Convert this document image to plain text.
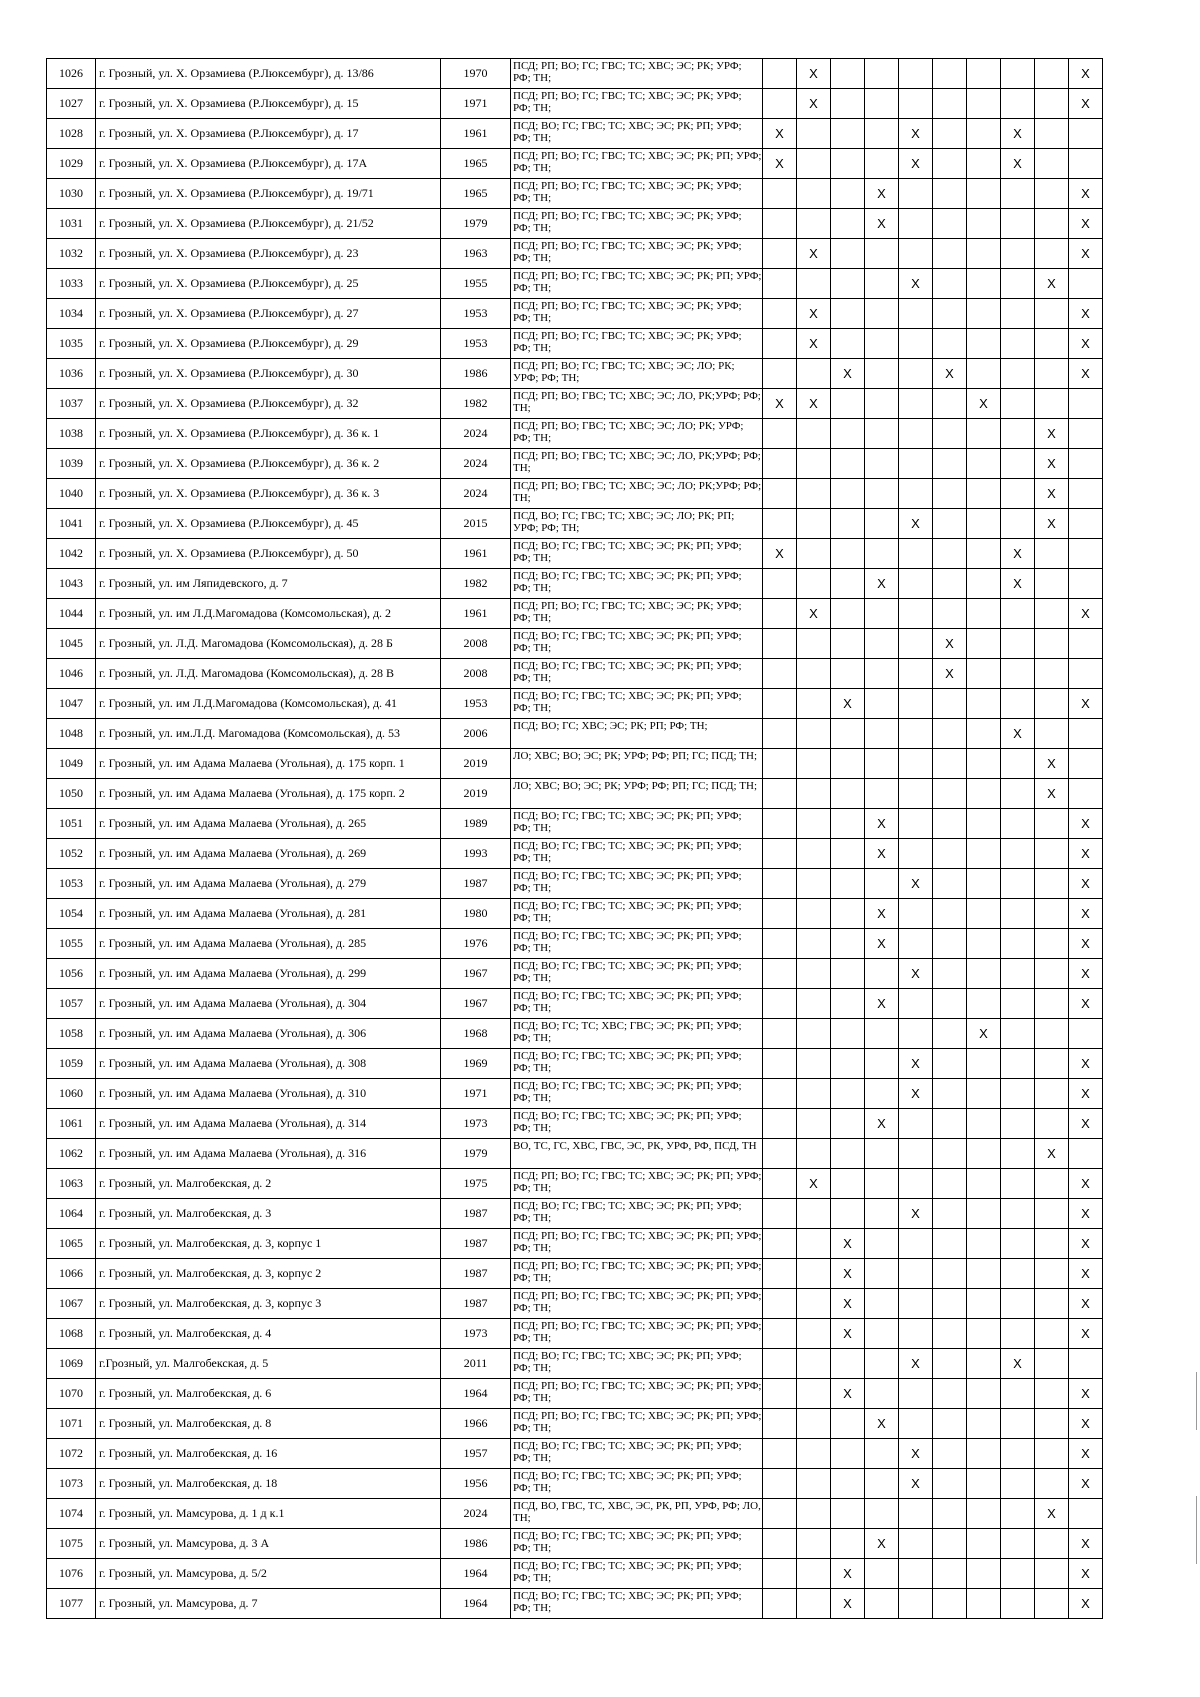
1026	г. Грозный, ул. Х. Орзамиева (Р.Люксембург), д. 13/86	1970	ПСД; РП; ВО; ГС; ГВС; ТС; ХВС; ЭС; РК; УРФ; РФ; ТН;		X								X
1027	г. Грозный, ул. Х. Орзамиева (Р.Люксембург), д. 15	1971	ПСД; РП; ВО; ГС; ГВС; ТС; ХВС; ЭС; РК; УРФ; РФ; ТН;		X								X
1028	г. Грозный, ул. Х. Орзамиева (Р.Люксембург), д. 17	1961	ПСД; ВО; ГС; ГВС; ТС; ХВС; ЭС; РК; РП; УРФ; РФ; ТН;	X				X			X		
1029	г. Грозный, ул. Х. Орзамиева (Р.Люксембург), д. 17А	1965	ПСД; РП; ВО; ГС; ГВС; ТС; ХВС; ЭС; РК; РП; УРФ; РФ; ТН;	X				X			X		
1030	г. Грозный, ул. Х. Орзамиева (Р.Люксембург), д. 19/71	1965	ПСД; РП; ВО; ГС; ГВС; ТС; ХВС; ЭС; РК; УРФ; РФ; ТН;				X						X
1031	г. Грозный, ул. Х. Орзамиева (Р.Люксембург), д. 21/52	1979	ПСД; РП; ВО; ГС; ГВС; ТС; ХВС; ЭС; РК; УРФ; РФ; ТН;				X						X
1032	г. Грозный, ул. Х. Орзамиева (Р.Люксембург), д. 23	1963	ПСД; РП; ВО; ГС; ГВС; ТС; ХВС; ЭС; РК; УРФ; РФ; ТН;		X								X
1033	г. Грозный, ул. Х. Орзамиева (Р.Люксембург), д. 25	1955	ПСД; РП; ВО; ГС; ГВС; ТС; ХВС; ЭС; РК; РП; УРФ; РФ; ТН;					X				X	
1034	г. Грозный, ул. Х. Орзамиева (Р.Люксембург), д. 27	1953	ПСД; РП; ВО; ГС; ГВС; ТС; ХВС; ЭС; РК; УРФ; РФ; ТН;		X								X
1035	г. Грозный, ул. Х. Орзамиева (Р.Люксембург), д. 29	1953	ПСД; РП; ВО; ГС; ГВС; ТС; ХВС; ЭС; РК; УРФ; РФ; ТН;		X								X
1036	г. Грозный, ул. Х. Орзамиева (Р.Люксембург), д. 30	1986	ПСД; РП; ВО; ГС; ГВС; ТС; ХВС; ЭС; ЛО; РК; УРФ; РФ; ТН;			X			X				X
1037	г. Грозный, ул. Х. Орзамиева (Р.Люксембург), д. 32	1982	ПСД; РП; ВО; ГВС; ТС; ХВС; ЭС; ЛО, РК;УРФ; РФ; ТН;	X	X					X			
1038	г. Грозный, ул. Х. Орзамиева (Р.Люксембург), д. 36 к. 1	2024	ПСД; РП; ВО; ГВС; ТС; ХВС; ЭС; ЛО; РК; УРФ; РФ; ТН;									X	
1039	г. Грозный, ул. Х. Орзамиева (Р.Люксембург), д. 36 к. 2	2024	ПСД; РП; ВО; ГВС; ТС; ХВС; ЭС; ЛО, РК;УРФ; РФ; ТН;									X	
1040	г. Грозный, ул. Х. Орзамиева (Р.Люксембург), д. 36 к. 3	2024	ПСД; РП; ВО; ГВС; ТС; ХВС; ЭС; ЛО; РК;УРФ; РФ; ТН;									X	
1041	г. Грозный, ул. Х. Орзамиева (Р.Люксембург), д. 45	2015	ПСД, ВО; ГС; ГВС; ТС; ХВС; ЭС; ЛО; РК; РП; УРФ; РФ; ТН;					X				X	
1042	г. Грозный, ул. Х. Орзамиева (Р.Люксембург), д. 50	1961	ПСД; ВО; ГС; ГВС; ТС; ХВС; ЭС; РК; РП; УРФ; РФ; ТН;	X							X		
1043	г. Грозный, ул. им Ляпидевского, д. 7	1982	ПСД; ВО; ГС; ГВС; ТС; ХВС; ЭС; РК; РП; УРФ; РФ; ТН;				X				X		
1044	г. Грозный, ул. им Л.Д.Магомадова (Комсомольская), д. 2	1961	ПСД; РП; ВО; ГС; ГВС; ТС; ХВС; ЭС; РК; УРФ; РФ; ТН;		X								X
1045	г. Грозный, ул. Л.Д. Магомадова (Комсомольская), д. 28 Б	2008	ПСД; ВО; ГС; ГВС; ТС; ХВС; ЭС; РК; РП; УРФ; РФ; ТН;						X				
1046	г. Грозный, ул. Л.Д. Магомадова (Комсомольская), д. 28 В	2008	ПСД; ВО; ГС; ГВС; ТС; ХВС; ЭС; РК; РП; УРФ; РФ; ТН;						X				
1047	г. Грозный, ул. им Л.Д.Магомадова (Комсомольская), д. 41	1953	ПСД; ВО; ГС; ГВС; ТС; ХВС; ЭС; РК; РП; УРФ; РФ; ТН;			X							X
1048	г. Грозный, ул. им.Л.Д. Магомадова (Комсомольская), д. 53	2006	ПСД; ВО; ГС; ХВС; ЭС; РК; РП; РФ; ТН;								X		
1049	г. Грозный, ул. им Адама Малаева (Угольная), д. 175 корп. 1	2019	ЛО; ХВС; ВО; ЭС; РК; УРФ; РФ; РП; ГС; ПСД; ТН;									X	
1050	г. Грозный, ул. им Адама Малаева (Угольная), д. 175 корп. 2	2019	ЛО; ХВС; ВО; ЭС; РК; УРФ; РФ; РП; ГС; ПСД; ТН;									X	
1051	г. Грозный, ул. им Адама Малаева (Угольная), д. 265	1989	ПСД; ВО; ГС; ГВС; ТС; ХВС; ЭС; РК; РП; УРФ; РФ; ТН;				X						X
1052	г. Грозный, ул. им Адама Малаева (Угольная), д. 269	1993	ПСД; ВО; ГС; ГВС; ТС; ХВС; ЭС; РК; РП; УРФ; РФ; ТН;				X						X
1053	г. Грозный, ул. им Адама Малаева (Угольная), д. 279	1987	ПСД; ВО; ГС; ГВС; ТС; ХВС; ЭС; РК; РП; УРФ; РФ; ТН;					X					X
1054	г. Грозный, ул. им Адама Малаева (Угольная), д. 281	1980	ПСД; ВО; ГС; ГВС; ТС; ХВС; ЭС; РК; РП; УРФ; РФ; ТН;				X						X
1055	г. Грозный, ул. им Адама Малаева (Угольная), д. 285	1976	ПСД; ВО; ГС; ГВС; ТС; ХВС; ЭС; РК; РП; УРФ; РФ; ТН;				X						X
1056	г. Грозный, ул. им Адама Малаева (Угольная), д. 299	1967	ПСД; ВО; ГС; ГВС; ТС; ХВС; ЭС; РК; РП; УРФ; РФ; ТН;					X					X
1057	г. Грозный, ул. им Адама Малаева (Угольная), д. 304	1967	ПСД; ВО; ГС; ГВС; ТС; ХВС; ЭС; РК; РП; УРФ; РФ; ТН;				X						X
1058	г. Грозный, ул. им Адама Малаева (Угольная), д. 306	1968	ПСД; ВО; ГС; ТС; ХВС; ГВС; ЭС; РК; РП; УРФ; РФ; ТН;							X			
1059	г. Грозный, ул. им Адама Малаева (Угольная), д. 308	1969	ПСД; ВО; ГС; ГВС; ТС; ХВС; ЭС; РК; РП; УРФ; РФ; ТН;					X					X
1060	г. Грозный, ул. им Адама Малаева (Угольная), д. 310	1971	ПСД; ВО; ГС; ГВС; ТС; ХВС; ЭС; РК; РП; УРФ; РФ; ТН;					X					X
1061	г. Грозный, ул. им Адама Малаева (Угольная), д. 314	1973	ПСД; ВО; ГС; ГВС; ТС; ХВС; ЭС; РК; РП; УРФ; РФ; ТН;				X						X
1062	г. Грозный, ул. им Адама Малаева (Угольная), д. 316	1979	ВО, ТС, ГС, ХВС, ГВС, ЭС, РК, УРФ, РФ, ПСД, ТН									X	
1063	г. Грозный, ул. Малгобекская, д. 2	1975	ПСД; РП; ВО; ГС; ГВС; ТС; ХВС; ЭС; РК; РП; УРФ; РФ; ТН;		X								X
1064	г. Грозный, ул. Малгобекская, д. 3	1987	ПСД; ВО; ГС; ГВС; ТС; ХВС; ЭС; РК; РП; УРФ; РФ; ТН;					X					X
1065	г. Грозный, ул. Малгобекская, д. 3, корпус 1	1987	ПСД; РП; ВО; ГС; ГВС; ТС; ХВС; ЭС; РК; РП; УРФ; РФ; ТН;			X							X
1066	г. Грозный, ул. Малгобекская, д. 3, корпус 2	1987	ПСД; РП; ВО; ГС; ГВС; ТС; ХВС; ЭС; РК; РП; УРФ; РФ; ТН;			X							X
1067	г. Грозный, ул. Малгобекская, д. 3, корпус 3	1987	ПСД; РП; ВО; ГС; ГВС; ТС; ХВС; ЭС; РК; РП; УРФ; РФ; ТН;			X							X
1068	г. Грозный, ул. Малгобекская, д. 4	1973	ПСД; РП; ВО; ГС; ГВС; ТС; ХВС; ЭС; РК; РП; УРФ; РФ; ТН;			X							X
1069	г.Грозный, ул. Малгобекская, д. 5	2011	ПСД; ВО; ГС; ГВС; ТС; ХВС; ЭС; РК; РП; УРФ; РФ; ТН;					X			X		
1070	г. Грозный, ул. Малгобекская, д. 6	1964	ПСД; РП; ВО; ГС; ГВС; ТС; ХВС; ЭС; РК; РП; УРФ; РФ; ТН;			X							X
1071	г. Грозный, ул. Малгобекская, д. 8	1966	ПСД; РП; ВО; ГС; ГВС; ТС; ХВС; ЭС; РК; РП; УРФ; РФ; ТН;				X						X
1072	г. Грозный, ул. Малгобекская, д. 16	1957	ПСД; ВО; ГС; ГВС; ТС; ХВС; ЭС; РК; РП; УРФ; РФ; ТН;					X					X
1073	г. Грозный, ул. Малгобекская, д. 18	1956	ПСД; ВО; ГС; ГВС; ТС; ХВС; ЭС; РК; РП; УРФ; РФ; ТН;					X					X
1074	г. Грозный, ул. Мамсурова, д. 1 д к.1	2024	ПСД, ВО, ГВС, ТС, ХВС, ЭС, РК, РП, УРФ, РФ; ЛО, ТН;									X	
1075	г. Грозный, ул. Мамсурова, д. 3 А	1986	ПСД; ВО; ГС; ГВС; ТС; ХВС; ЭС; РК; РП; УРФ; РФ; ТН;				X						X
1076	г. Грозный, ул. Мамсурова, д. 5/2	1964	ПСД; ВО; ГС; ГВС; ТС; ХВС; ЭС; РК; РП; УРФ; РФ; ТН;			X							X
1077	г. Грозный, ул. Мамсурова, д. 7	1964	ПСД; ВО; ГС; ГВС; ТС; ХВС; ЭС; РК; РП; УРФ; РФ; ТН;			X							X
